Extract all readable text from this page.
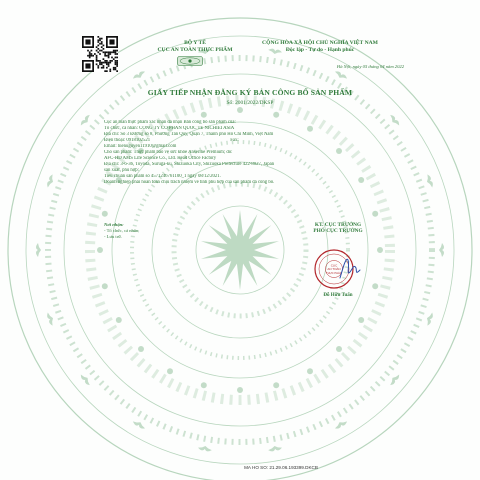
BỘ Y TẾ
CỤC AN TOÀN THỰC PHẨM
CỘNG HÒA XÃ HỘI CHỦ NGHĨA VIỆT NAM
Độc lập - Tự do - Hạnh phúc
Hà Nội, ngày 05 tháng 04 năm 2022
GIẤY TIẾP NHẬN ĐĂNG KÝ BẢN CÔNG BỐ SẢN PHẨM
Số: 2001/2022/DKSP
Cục an toàn thực phẩm xác nhận đã nhận Bản công bố sản phẩm của:
Tổ chức, cá nhân: CÔNG TY CỔ PHẦN QUỐC TẾ NICHIEI ASIA
Địa chỉ: Số 3 Đường số 8, Phường Tân Quy, Quận 7, Thành phố Hồ Chí Minh, Việt Nam
Điện thoại: 0918102521	Fax:
Email: hienuguyen11910@gmail.com
Cho sản phẩm: Thực phẩm bảo vệ sức khỏe Anserine Premium; do:
AFC-HD AMS Life Science Co., Ltd. Head Office Factory
Địa chỉ: 3-6-36, Toyoda, Suruga-ku, Shizuoka City, Shizuoka Prefecture 422-8027, Japan
sản xuất, phù hợp:
Tiêu chuẩn sản phẩm số 4571246761100_1 ngày 08/12/2021.
Doanh nghiệp phải hoàn toàn chịu trách nhiệm về tính phù hợp của sản phẩm đã công bố.
Nơi nhận:
- Tổ chức, cá nhân;
- Lưu trữ.
KT. CỤC TRƯỞNG
PHÓ CỤC TRƯỞNG
CỤC
AN TOÀN
THỰC PHẨM
Đỗ Hữu Tuấn
MA HO SO: 21.29.06.193399.DKCB
